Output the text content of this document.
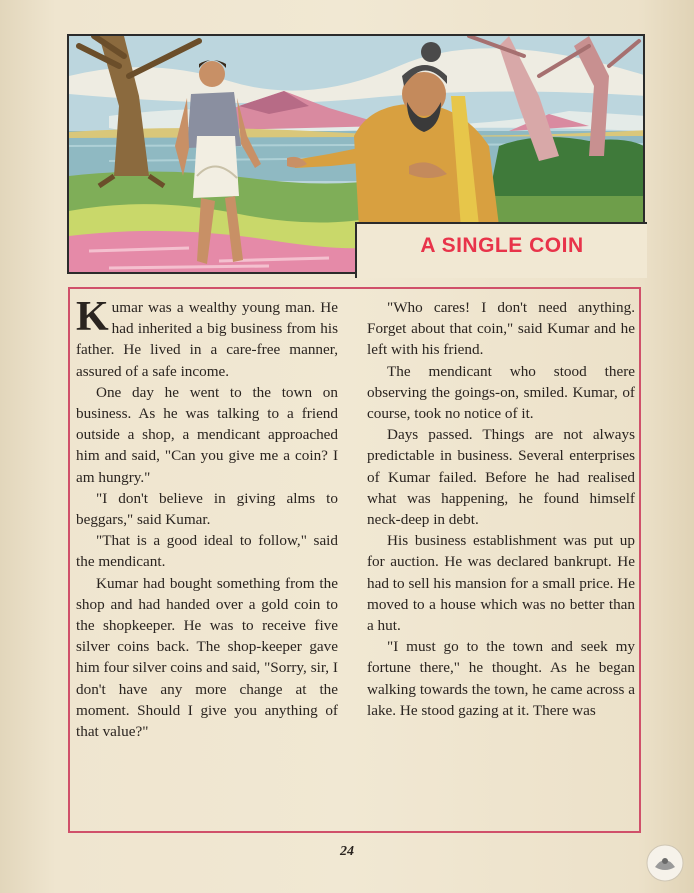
A SINGLE COIN

Kumar was a wealthy young man. He had inherited a big business from his father. He lived in a care-free manner, assured of a safe income.

One day he went to the town on business. As he was talking to a friend outside a shop, a mendicant approached him and said, "Can you give me a coin? I am hungry."

"I don't believe in giving alms to beggars," said Kumar.

"That is a good ideal to follow," said the mendicant.

Kumar had bought something from the shop and had handed over a gold coin to the shopkeeper. He was to receive five silver coins back. The shop-keeper gave him four silver coins and said, "Sorry, sir, I don't have any more change at the moment. Should I give you anything of that value?"

"Who cares! I don't need anything. Forget about that coin," said Kumar and he left with his friend.

The mendicant who stood there observing the goings-on, smiled. Kumar, of course, took no notice of it.

Days passed. Things are not always predictable in business. Several enterprises of Kumar failed. Before he had realised what was happening, he found himself neck-deep in debt.

His business establishment was put up for auction. He was declared bankrupt. He had to sell his mansion for a small price. He moved to a house which was no better than a hut.

"I must go to the town and seek my fortune there," he thought. As he began walking towards the town, he came across a lake. He stood gazing at it. There was

24
